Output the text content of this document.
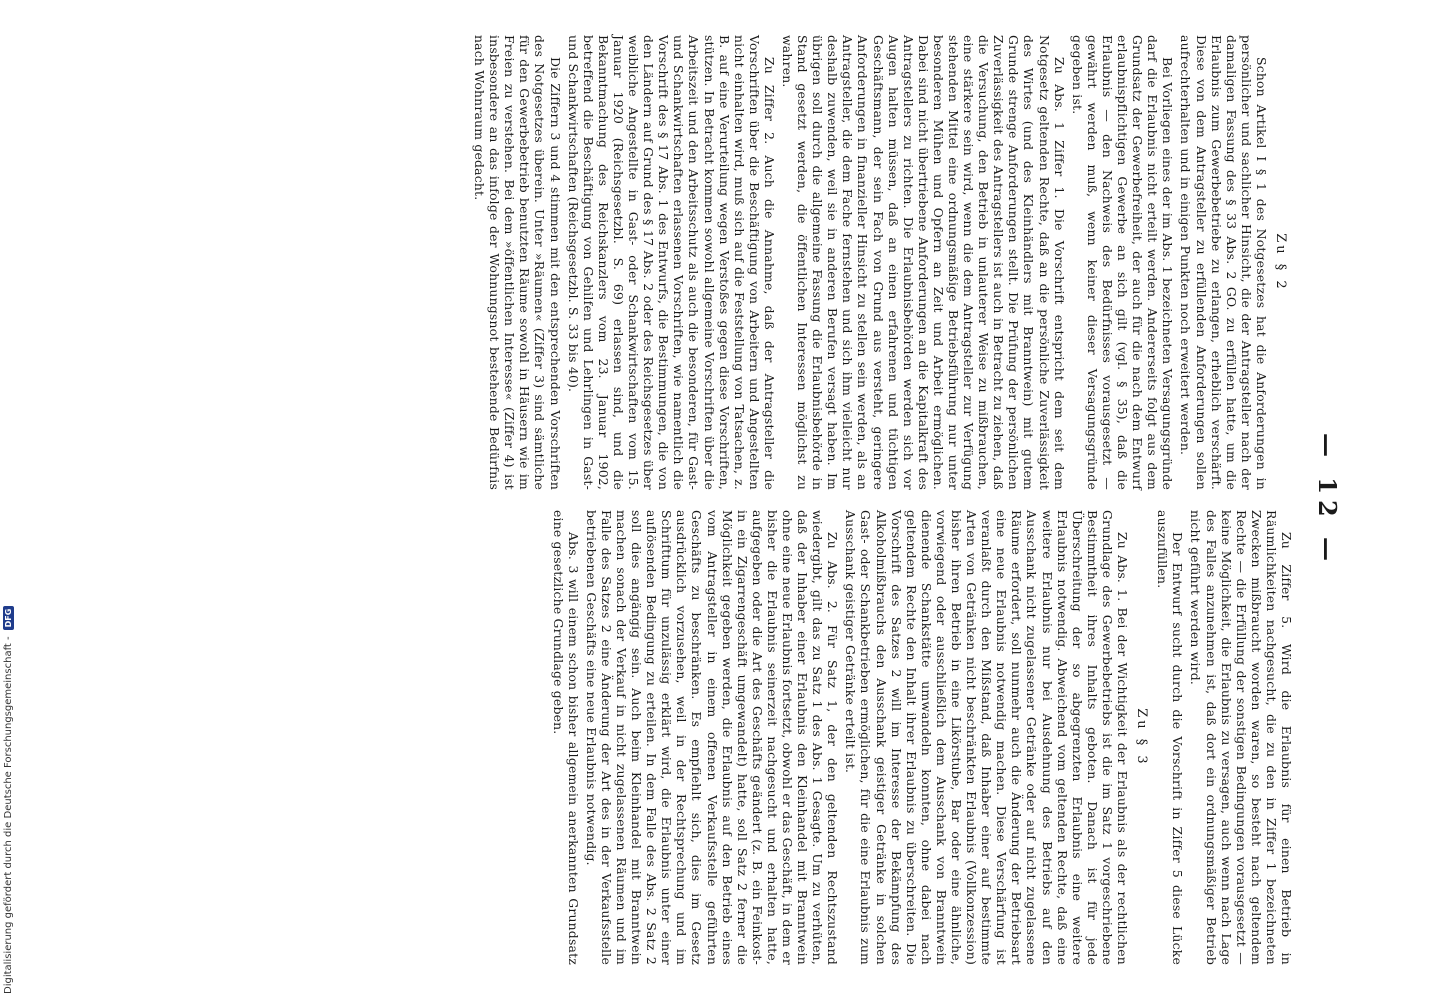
— 12 —
Zu § 2

Schon Artikel I § 1 des Notgesetzes hat die Anforderungen in persönlicher und sachlicher Hinsicht, die der Antragsteller nach der damaligen Fassung des § 33 Abs. 2 GO. zu erfüllen hatte, um die Erlaubnis zum Gewerbebetriebe zu erlangen, erheblich verschärft. Diese von dem Antragsteller zu erfüllenden Anforderungen sollen aufrechterhalten und in einigen Punkten noch erweitert werden.

Bei Vorliegen eines der im Abs. 1 bezeichneten Versagungsgründe darf die Erlaubnis nicht erteilt werden. Andererseits folgt aus dem Grundsatz der Gewerbefreiheit, der auch für die nach dem Entwurf erlaubnispflichtigen Gewerbe an sich gilt (vgl. § 35), daß die Erlaubnis — den Nachweis des Bedürfnisses vorausgesetzt — gewährt werden muß, wenn keiner dieser Versagungsgründe gegeben ist.

Zu Abs. 1 Ziffer 1. Die Vorschrift entspricht dem seit dem Notgesetz geltenden Rechte, daß an die persönliche Zuverlässigkeit des Wirtes (und des Kleinhändlers mit Branntwein) mit gutem Grunde strenge Anforderungen stellt. Die Prüfung der persönlichen Zuverlässigkeit des Antragstellers ist auch in Betracht zu ziehen, daß die Versuchung, den Betrieb in unlauterer Weise zu mißbrauchen, eine stärkere sein wird, wenn die dem Antragsteller zur Verfügung stehenden Mittel eine ordnungsmäßige Betriebsführung nur unter besonderen Mühen und Opfern an Zeit und Arbeit ermöglichen. Dabei sind nicht übertriebene Anforderungen an die Kapitalkraft des Antragstellers zu richten. Die Erlaubnisbehörden werden sich vor Augen halten müssen, daß an einen erfahrenen und tüchtigen Geschäftsmann, der sein Fach von Grund aus versteht, geringere Anforderungen in finanzieller Hinsicht zu stellen sein werden, als an Antragsteller, die dem Fache fernstehen und sich ihm vielleicht nur deshalb zuwenden, weil sie in anderen Berufen versagt haben. Im übrigen soll durch die allgemeine Fassung die Erlaubnisbehörde in Stand gesetzt werden, die öffentlichen Interessen möglichst zu wahren.

Zu Ziffer 2. Auch die Annahme, daß der Antragsteller die Vorschriften über die Beschäftigung von Arbeitern und Angestellten nicht einhalten wird, muß sich auf die Feststellung von Tatsachen, z. B. auf eine Verurteilung wegen Verstoßes gegen diese Vorschriften, stützen. In Betracht kommen sowohl allgemeine Vorschriften über die Arbeitszeit und den Arbeitsschutz als auch die besonderen, für Gast- und Schankwirtschaften erlassenen Vorschriften, wie namentlich die Vorschrift des § 17 Abs. 1 des Entwurfs, die Bestimmungen, die von den Ländern auf Grund des § 17 Abs. 2 oder des Reichsgesetzes über weibliche Angestellte in Gast- oder Schankwirtschaften vom 15. Januar 1920 (Reichsgesetzbl. S. 69) erlassen sind, und die Bekanntmachung des Reichskanzlers vom 23. Januar 1902, betreffend die Beschäftigung von Gehilfen und Lehrlingen in Gast- und Schankwirtschaften (Reichsgesetzbl. S. 33 bis 40).

Die Ziffern 3 und 4 stimmen mit den entsprechenden Vorschriften des Notgesetzes überein. Unter »Räumen« (Ziffer 3) sind sämtliche für den Gewerbebetrieb benutzten Räume sowohl in Häusern wie im Freien zu verstehen. Bei dem »öffentlichen Interesse« (Ziffer 4) ist insbesondere an das infolge der Wohnungsnot bestehende Bedürfnis nach Wohnraum gedacht.

Zu Ziffer 5. Wird die Erlaubnis für einen Betrieb in Räumlichkeiten nachgesucht, die zu den in Ziffer 1 bezeichneten Zwecken mißbraucht worden waren, so besteht nach geltendem Rechte — die Erfüllung der sonstigen Bedingungen vorausgesetzt — keine Möglichkeit, die Erlaubnis zu versagen, auch wenn nach Lage des Falles anzunehmen ist, daß dort ein ordnungsmäßiger Betrieb nicht geführt werden wird.

Der Entwurf sucht durch die Vorschrift in Ziffer 5 diese Lücke auszufüllen.

Zu § 3

Zu Abs. 1. Bei der Wichtigkeit der Erlaubnis als der rechtlichen Grundlage des Gewerbebetriebs ist die im Satz 1 vorgeschriebene Bestimmtheit ihres Inhalts geboten. Danach ist für jede Überschreitung der so abgegrenzten Erlaubnis eine weitere Erlaubnis notwendig. Abweichend vom geltenden Rechte, daß eine weitere Erlaubnis nur bei Ausdehnung des Betriebs auf den Ausschank nicht zugelassener Getränke oder auf nicht zugelassene Räume erfordert, soll nunmehr auch die Änderung der Betriebsart eine neue Erlaubnis notwendig machen. Diese Verschärfung ist veranlaßt durch den Mißstand, daß Inhaber einer auf bestimmte Arten von Getränken nicht beschränkten Erlaubnis (Vollkonzession) bisher ihren Betrieb in eine Likörstube, Bar oder eine ähnliche, vorwiegend oder ausschließlich dem Ausschank von Branntwein dienende Schankstätte umwandeln konnten, ohne dabei nach geltendem Rechte den Inhalt ihrer Erlaubnis zu überschreiten. Die Vorschrift des Satzes 2 will im Interesse der Bekämpfung des Alkoholmißbrauchs den Ausschank geistiger Getränke in solchen Gast- oder Schankbetrieben ermöglichen, für die eine Erlaubnis zum Ausschank geistiger Getränke erteilt ist.

Zu Abs. 2. Für Satz 1, der den geltenden Rechtszustand wiedergibt, gilt das zu Satz 1 des Abs. 1 Gesagte. Um zu verhüten, daß der Inhaber einer Erlaubnis den Kleinhandel mit Branntwein ohne eine neue Erlaubnis fortsetzt, obwohl er das Geschäft, in dem er bisher die Erlaubnis seinerzeit nachgesucht und erhalten hatte, aufgegeben oder die Art des Geschäfts geändert (z. B. ein Feinkost- in ein Zigarrengeschäft umgewandelt) hatte, soll Satz 2 ferner die Möglichkeit gegeben werden, die Erlaubnis auf den Betrieb eines vom Antragsteller in einem offenen Verkaufsstelle geführten Geschäfts zu beschränken. Es empfiehlt sich, dies im Gesetz ausdrücklich vorzusehen, weil in der Rechtsprechung und im Schrifttum für unzulässig erklärt wird, die Erlaubnis unter einer auflösenden Bedingung zu erteilen. In dem Falle des Abs. 2 Satz 2 soll dies angängig sein. Auch beim Kleinhandel mit Branntwein machen sonach der Verkauf in nicht zugelassenen Räumen und im Falle des Satzes 2 eine Änderung der Art des in der Verkaufsstelle betriebenen Geschäfts eine neue Erlaubnis notwendig.

Abs. 3 will einem schon bisher allgemein anerkannten Grundsatz eine gesetzliche Grundlage geben.

Digitalisierung gefördert durch die Deutsche Forschungsgemeinschaft -
DFG
